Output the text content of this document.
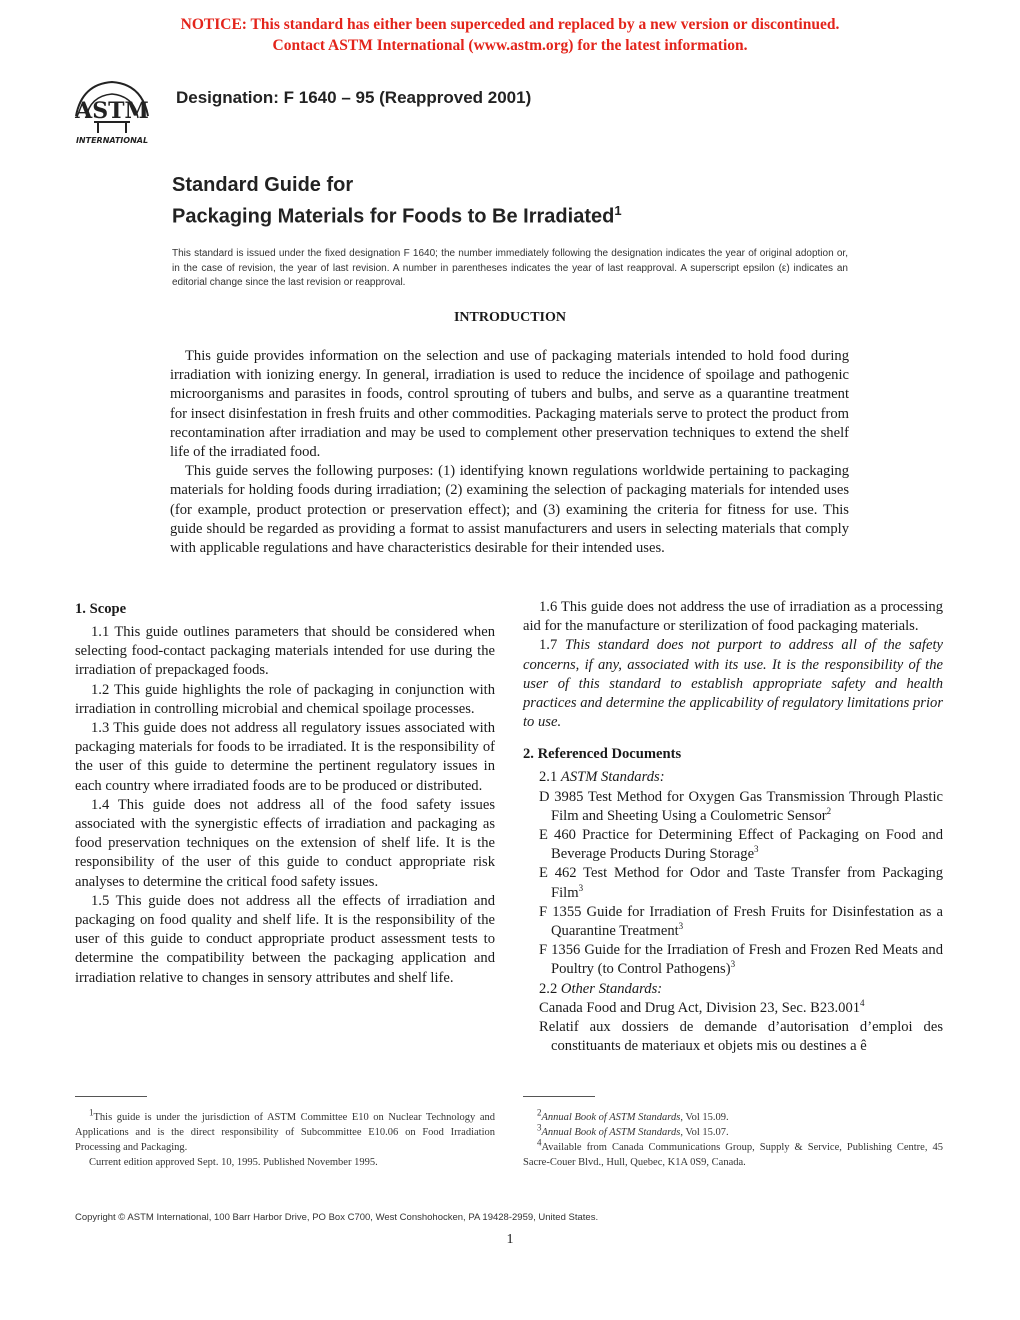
NOTICE: This standard has either been superceded and replaced by a new version or discontinued.
Contact ASTM International (www.astm.org) for the latest information.
ASTM
INTERNATIONAL
Designation: F 1640 – 95 (Reapproved 2001)
Standard Guide for
Packaging Materials for Foods to Be Irradiated$^1$
This standard is issued under the fixed designation F 1640; the number immediately following the designation indicates the year of original adoption or, in the case of revision, the year of last revision. A number in parentheses indicates the year of last reapproval. A superscript epsilon (ε) indicates an editorial change since the last revision or reapproval.
INTRODUCTION

This guide provides information on the selection and use of packaging materials intended to hold food during irradiation with ionizing energy. In general, irradiation is used to reduce the incidence of spoilage and pathogenic microorganisms and parasites in foods, control sprouting of tubers and bulbs, and serve as a quarantine treatment for insect disinfestation in fresh fruits and other commodities. Packaging materials serve to protect the product from recontamination after irradiation and may be used to complement other preservation techniques to extend the shelf life of the irradiated food.

This guide serves the following purposes: (1) identifying known regulations worldwide pertaining to packaging materials for holding foods during irradiation; (2) examining the selection of packaging materials for intended uses (for example, product protection or preservation effect); and (3) examining the criteria for fitness for use. This guide should be regarded as providing a format to assist manufacturers and users in selecting materials that comply with applicable regulations and have characteristics desirable for their intended uses.

1. Scope

1.1 This guide outlines parameters that should be considered when selecting food-contact packaging materials intended for use during the irradiation of prepackaged foods.

1.2 This guide highlights the role of packaging in conjunction with irradiation in controlling microbial and chemical spoilage processes.

1.3 This guide does not address all regulatory issues associated with packaging materials for foods to be irradiated. It is the responsibility of the user of this guide to determine the pertinent regulatory issues in each country where irradiated foods are to be produced or distributed.

1.4 This guide does not address all of the food safety issues associated with the synergistic effects of irradiation and packaging as food preservation techniques on the extension of shelf life. It is the responsibility of the user of this guide to conduct appropriate risk analyses to determine the critical food safety issues.

1.5 This guide does not address all the effects of irradiation and packaging on food quality and shelf life. It is the responsibility of the user of this guide to conduct appropriate product assessment tests to determine the compatibility between the packaging application and irradiation relative to changes in sensory attributes and shelf life.

1.6 This guide does not address the use of irradiation as a processing aid for the manufacture or sterilization of food packaging materials.

1.7 This standard does not purport to address all of the safety concerns, if any, associated with its use. It is the responsibility of the user of this standard to establish appropriate safety and health practices and determine the applicability of regulatory limitations prior to use.

2. Referenced Documents

2.1 ASTM Standards:

D 3985 Test Method for Oxygen Gas Transmission Through Plastic Film and Sheeting Using a Coulometric Sensor$^2$
E 460 Practice for Determining Effect of Packaging on Food and Beverage Products During Storage$^3$
E 462 Test Method for Odor and Taste Transfer from Packaging Film$^3$
F 1355 Guide for Irradiation of Fresh Fruits for Disinfestation as a Quarantine Treatment$^3$
F 1356 Guide for the Irradiation of Fresh and Frozen Red Meats and Poultry (to Control Pathogens)$^3$

2.2 Other Standards:

Canada Food and Drug Act, Division 23, Sec. B23.001$^4$
Relatif aux dossiers de demande d’autorisation d’emploi des constituants de materiaux et objets mis ou destines a ê

$^1$This guide is under the jurisdiction of ASTM Committee E10 on Nuclear Technology and Applications and is the direct responsibility of Subcommittee E10.06 on Food Irradiation Processing and Packaging.

Current edition approved Sept. 10, 1995. Published November 1995.

$^2$Annual Book of ASTM Standards, Vol 15.09.

$^3$Annual Book of ASTM Standards, Vol 15.07.

$^4$Available from Canada Communications Group, Supply & Service, Publishing Centre, 45 Sacre-Couer Blvd., Hull, Quebec, K1A 0S9, Canada.

Copyright © ASTM International, 100 Barr Harbor Drive, PO Box C700, West Conshohocken, PA 19428-2959, United States.
1
